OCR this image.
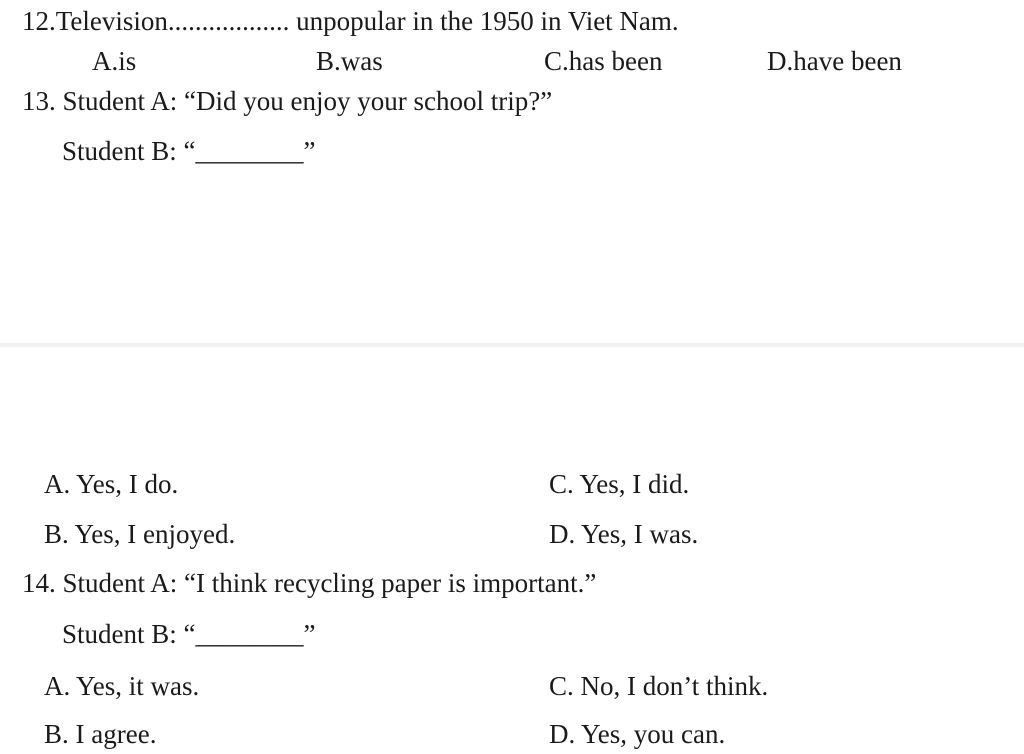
12.Television.................. unpopular in the 1950 in Viet Nam.
A.is	B.was	C.has been	D.have been
13. Student A: “Did you enjoy your school trip?”
Student B: “________”
A. Yes, I do.	C. Yes, I did.
B. Yes, I enjoyed.	D. Yes, I was.
14. Student A: “I think recycling paper is important.”
Student B: “________”
A. Yes, it was.	C. No, I don’t think.
B. I agree.	D. Yes, you can.
